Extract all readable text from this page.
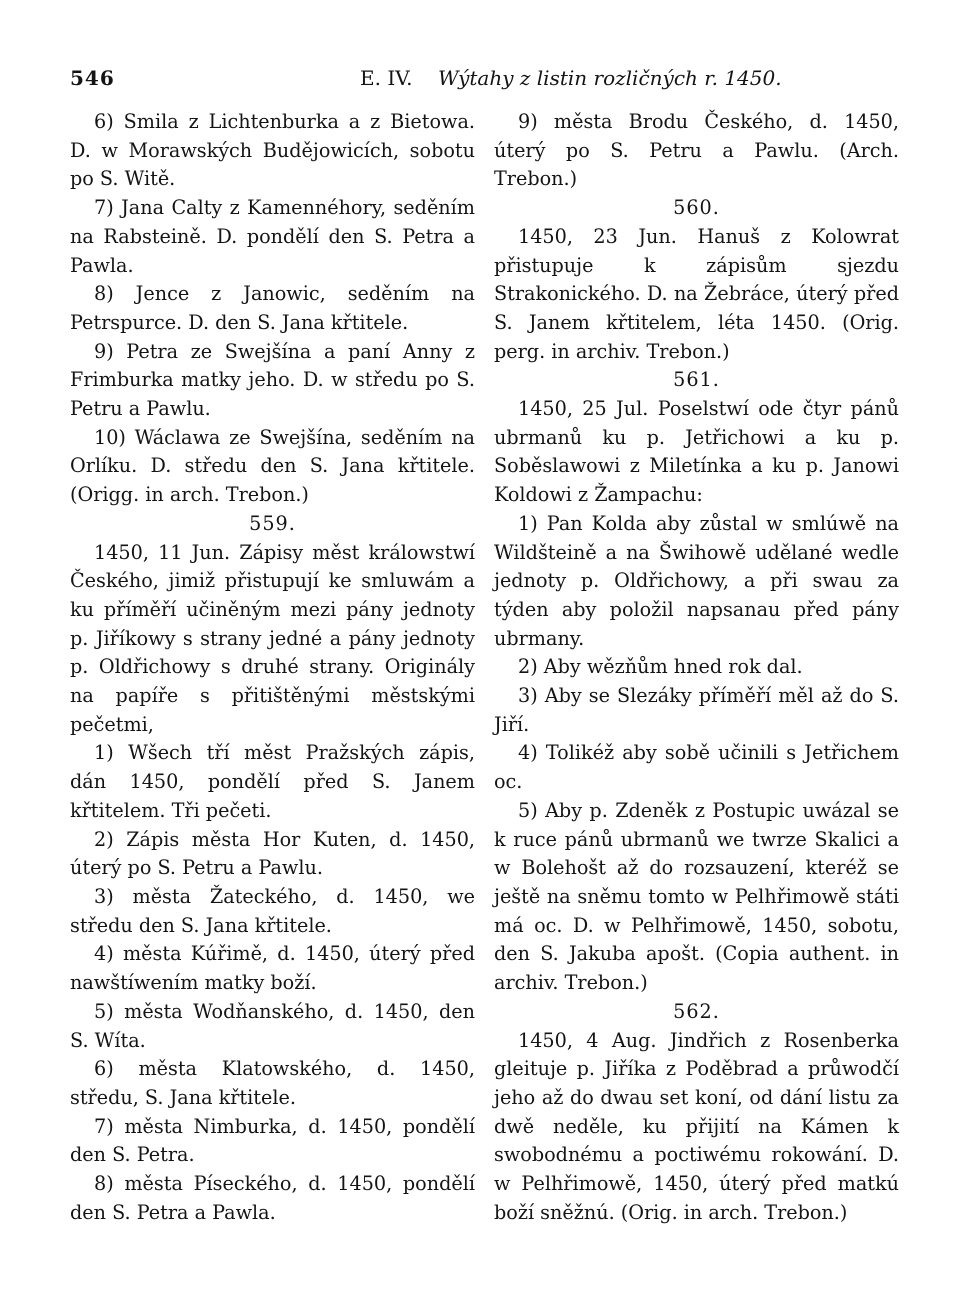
546	E. IV. Wýtahy z listin rozličných r. 1450.

6) Smila z Lichtenburka a z Bietowa. D. w Morawských Budějowicích, sobotu po S. Witě.

7) Jana Calty z Kamennéhory, seděním na Rabsteině. D. pondělí den S. Petra a Pawla.

8) Jence z Janowic, seděním na Petrspurce. D. den S. Jana křtitele.

9) Petra ze Swejšína a paní Anny z Frimburka matky jeho. D. w středu po S. Petru a Pawlu.

10) Wáclawa ze Swejšína, seděním na Orlíku. D. středu den S. Jana křtitele. (Origg. in arch. Trebon.)

559.

1450, 11 Jun. Zápisy měst králowstwí Českého, jimiž přistupují ke smluwám a ku příměří učiněným mezi pány jednoty p. Jiříkowy s strany jedné a pány jednoty p. Oldřichowy s druhé strany. Originály na papíře s přitištěnými městskými pečetmi,

1) Wšech tří měst Pražských zápis, dán 1450, pondělí před S. Janem křtitelem. Tři pečeti.

2) Zápis města Hor Kuten, d. 1450, úterý po S. Petru a Pawlu.

3) města Žateckého, d. 1450, we středu den S. Jana křtitele.

4) města Kúřimě, d. 1450, úterý před nawštíwením matky boží.

5) města Wodňanského, d. 1450, den S. Wíta.

6) města Klatowského, d. 1450, středu, S. Jana křtitele.

7) města Nimburka, d. 1450, pondělí den S. Petra.

8) města Píseckého, d. 1450, pondělí den S. Petra a Pawla.

9) města Brodu Českého, d. 1450, úterý po S. Petru a Pawlu. (Arch. Trebon.)

560.

1450, 23 Jun. Hanuš z Kolowrat přistupuje k zápisům sjezdu Strakonického. D. na Žebráce, úterý před S. Janem křtitelem, léta 1450. (Orig. perg. in archiv. Trebon.)

561.

1450, 25 Jul. Poselstwí ode čtyr pánů ubrmanů ku p. Jetřichowi a ku p. Soběslawowi z Miletínka a ku p. Janowi Koldowi z Žampachu:

1) Pan Kolda aby zůstal w smlúwě na Wildšteině a na Šwihowě udělané wedle jednoty p. Oldřichowy, a při swau za týden aby položil napsanau před pány ubrmany.

2) Aby wězňům hned rok dal.

3) Aby se Slezáky příměří měl až do S. Jiří.

4) Tolikéž aby sobě učinili s Jetřichem oc.

5) Aby p. Zdeněk z Postupic uwázal se k ruce pánů ubrmanů we twrze Skalici a w Bolehošt až do rozsauzení, kteréž se ještě na sněmu tomto w Pelhřimowě státi má oc. D. w Pelhřimowě, 1450, sobotu, den S. Jakuba apošt. (Copia authent. in archiv. Trebon.)

562.

1450, 4 Aug. Jindřich z Rosenberka gleituje p. Jiříka z Poděbrad a průwodčí jeho až do dwau set koní, od dání listu za dwě neděle, ku přijití na Kámen k swobodnému a poctiwému rokowání. D. w Pelhřimowě, 1450, úterý před matkú boží sněžnú. (Orig. in arch. Trebon.)
